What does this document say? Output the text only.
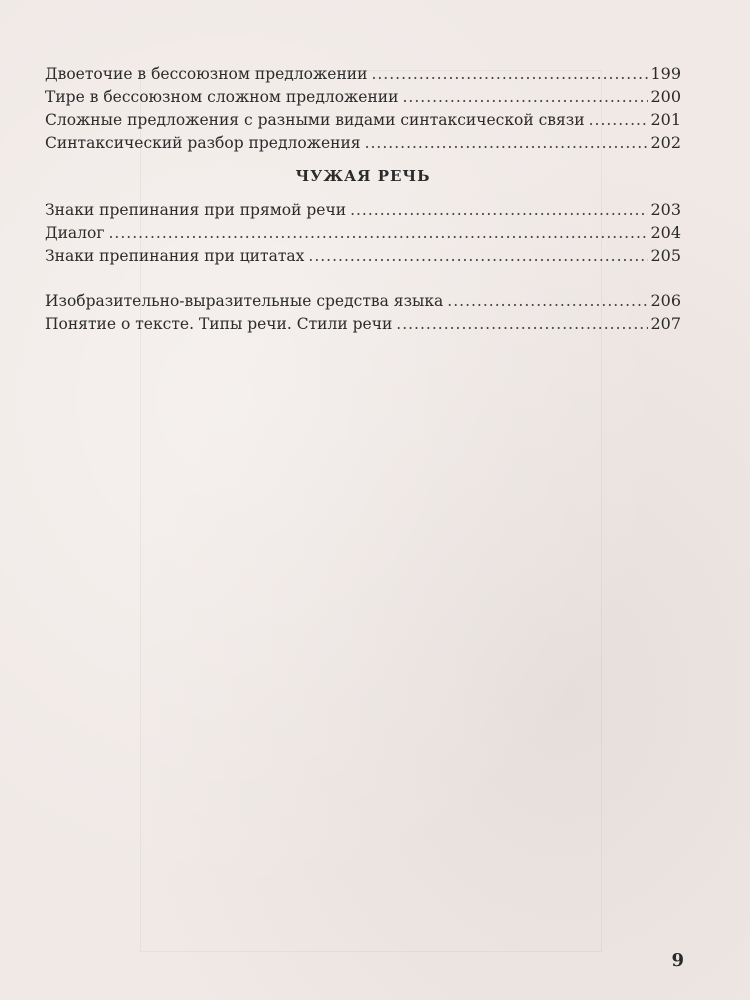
Двоеточие в бессоюзном предложении .....	199
Тире в бессоюзном сложном предложении .....	200
Сложные предложения с разными видами синтаксической связи .....	201
Синтаксический разбор предложения .....	202
ЧУЖАЯ РЕЧЬ
Знаки препинания при прямой речи .....	203
Диалог .....	204
Знаки препинания при цитатах .....	205
Изобразительно-выразительные средства языка .....	206
Понятие о тексте. Типы речи. Стили речи .....	207
9
